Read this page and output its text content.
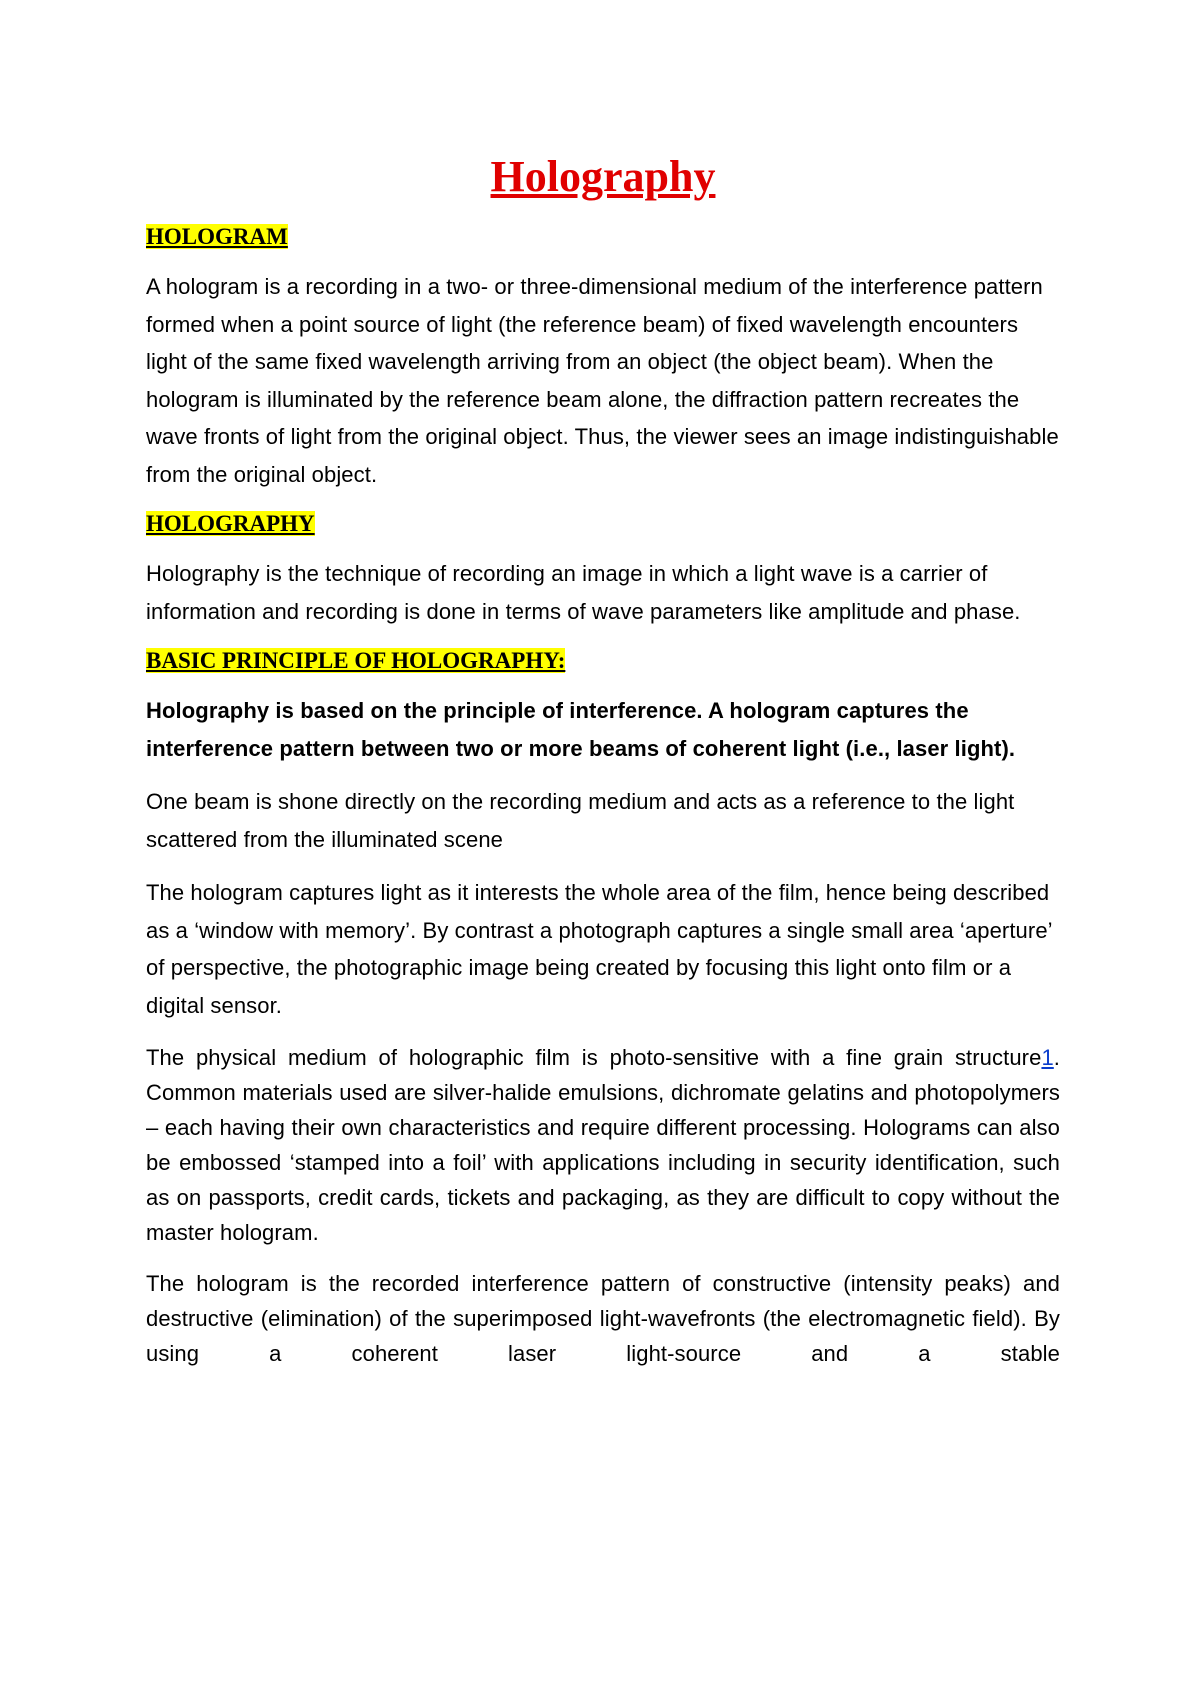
Holography
HOLOGRAM

A hologram is a recording in a two- or three-dimensional medium of the interference pattern formed when a point source of light (the reference beam) of fixed wavelength encounters light of the same fixed wavelength arriving from an object (the object beam). When the hologram is illuminated by the reference beam alone, the diffraction pattern recreates the wave fronts of light from the original object. Thus, the viewer sees an image indistinguishable from the original object.

HOLOGRAPHY

Holography is the technique of recording an image in which a light wave is a carrier of information and recording is done in terms of wave parameters like amplitude and phase.

BASIC PRINCIPLE OF HOLOGRAPHY:

Holography is based on the principle of interference. A hologram captures the interference pattern between two or more beams of coherent light (i.e., laser light).

One beam is shone directly on the recording medium and acts as a reference to the light scattered from the illuminated scene

The hologram captures light as it interests the whole area of the film, hence being described as a ‘window with memory’. By contrast a photograph captures a single small area ‘aperture’ of perspective, the photographic image being created by focusing this light onto film or a digital sensor.

The physical medium of holographic film is photo-sensitive with a fine grain structure1. Common materials used are silver-halide emulsions, dichromate gelatins and photopolymers – each having their own characteristics and require different processing. Holograms can also be embossed ‘stamped into a foil’ with applications including in security identification, such as on passports, credit cards, tickets and packaging, as they are difficult to copy without the master hologram.

The hologram is the recorded interference pattern of constructive (intensity peaks) and destructive (elimination) of the superimposed light-wavefronts (the electromagnetic field). By using a coherent laser light-source and a stable
